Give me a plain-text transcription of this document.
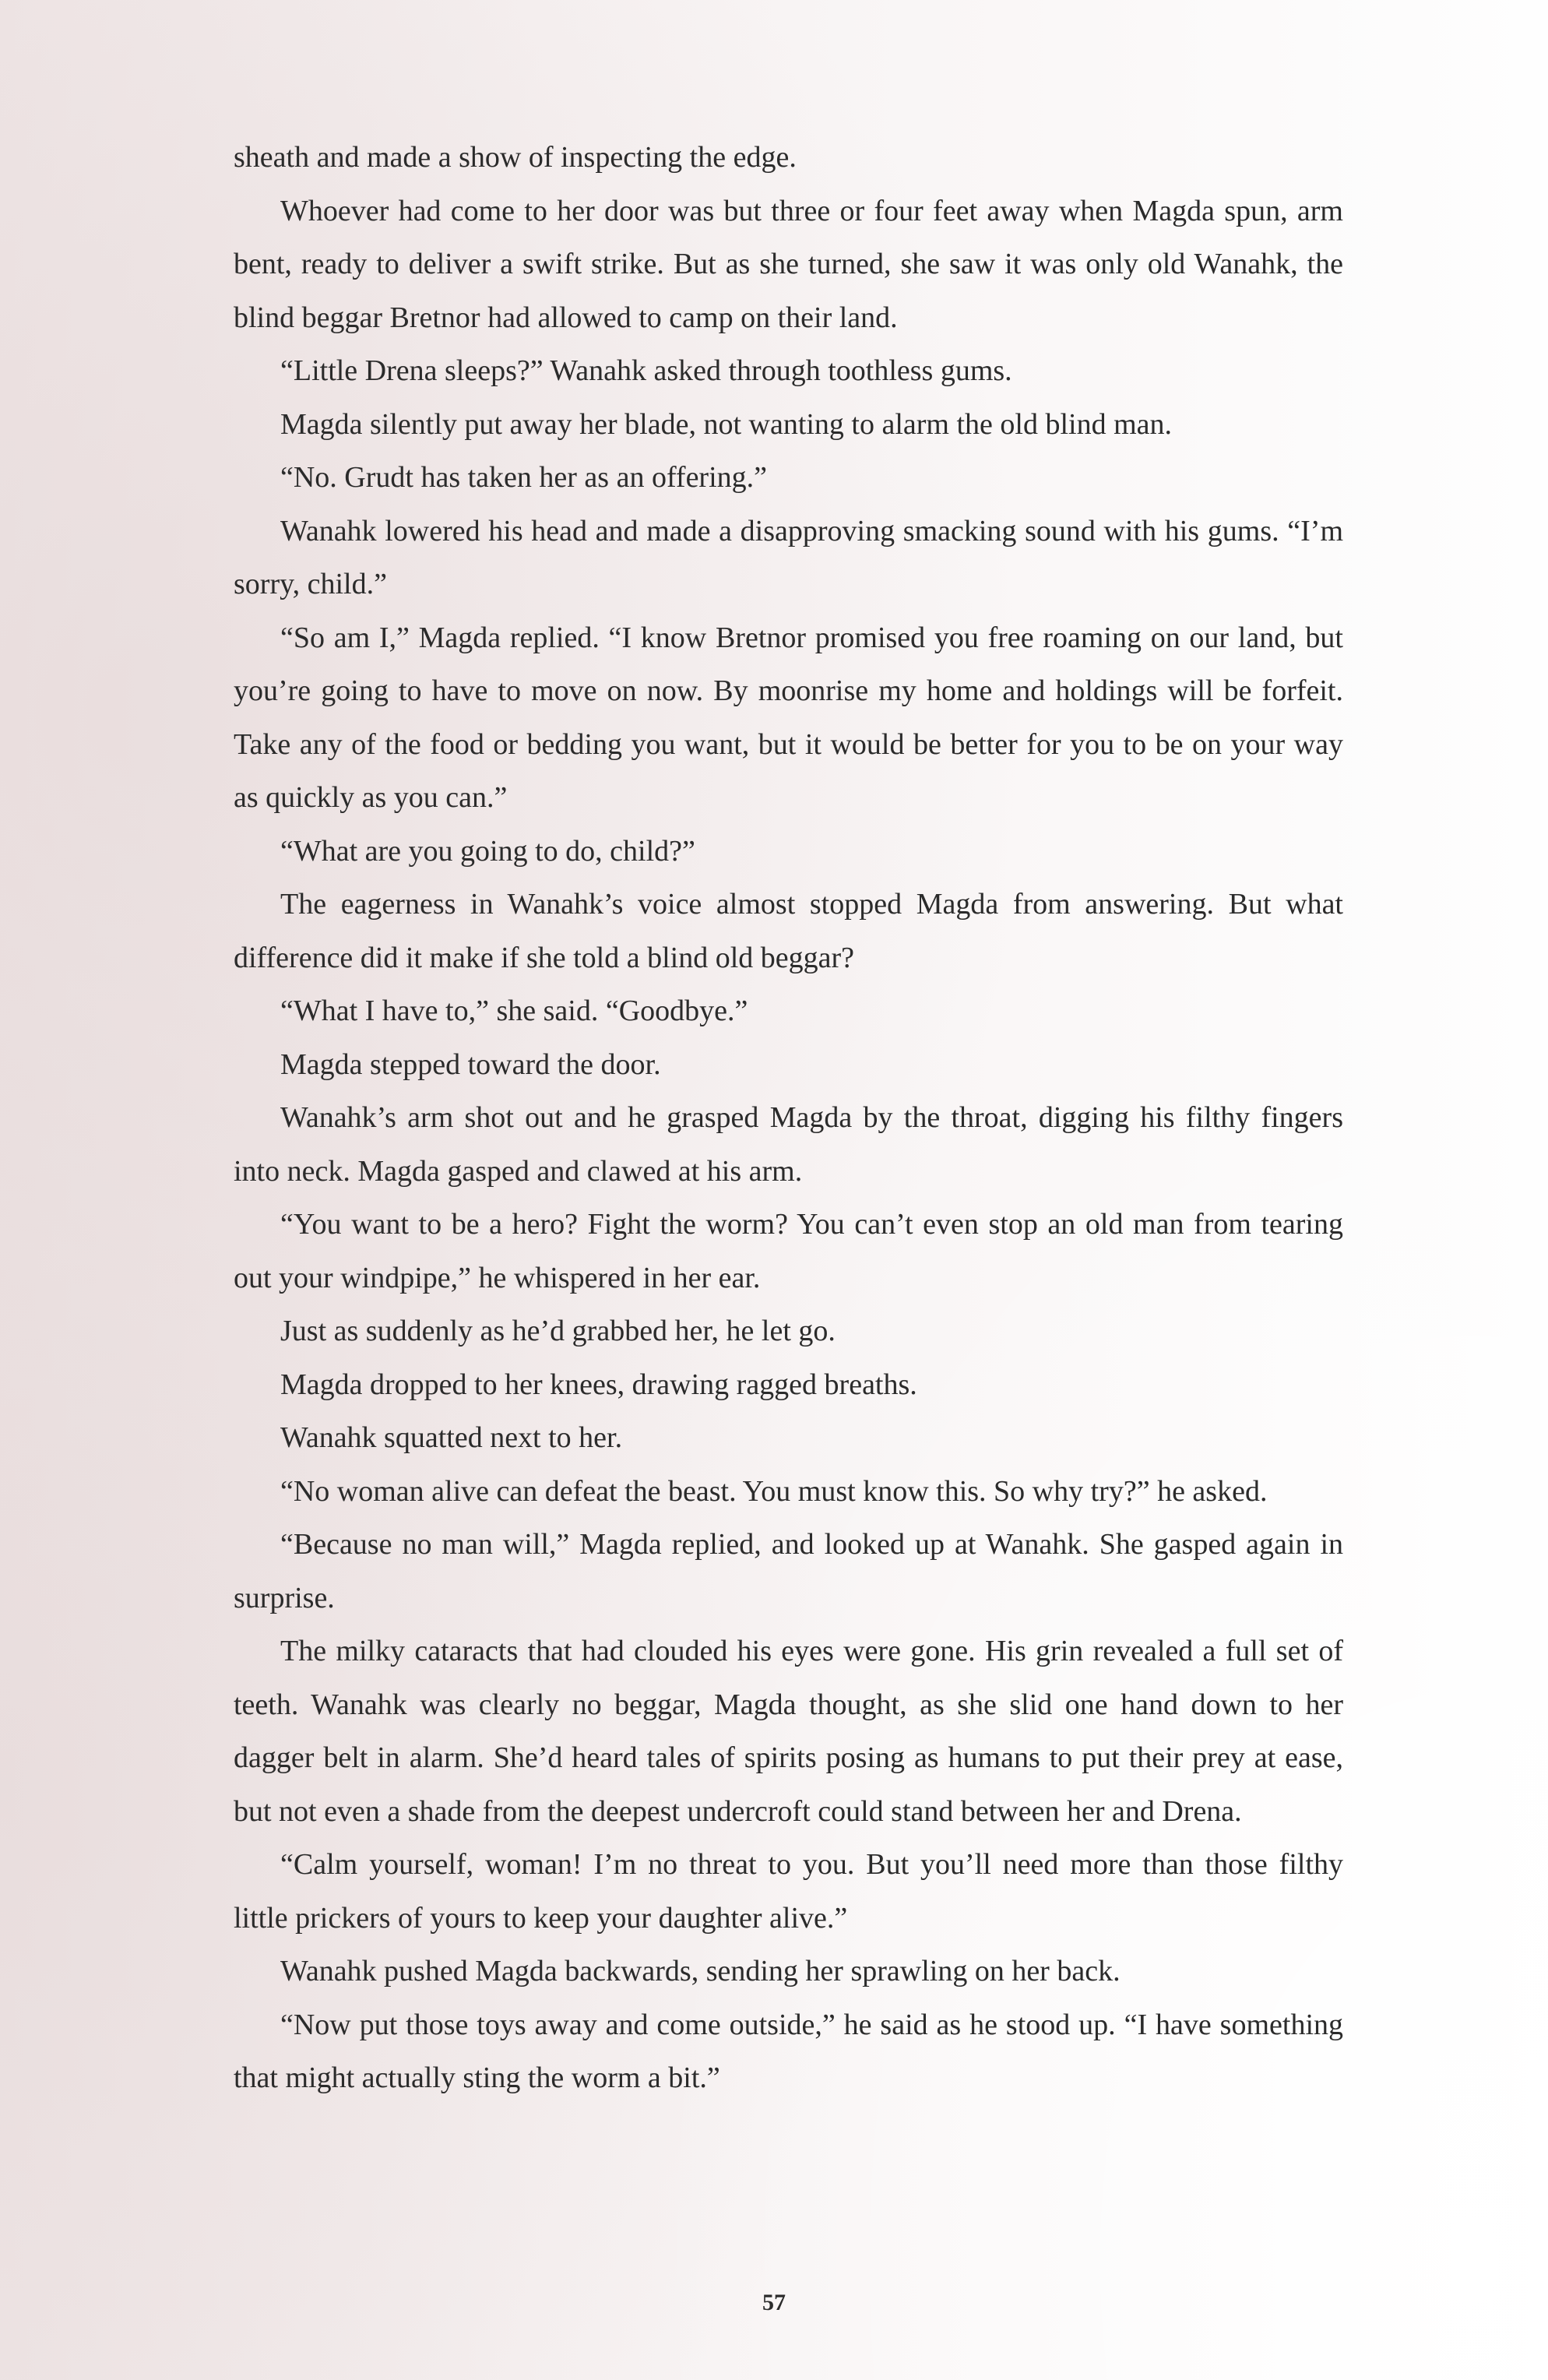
sheath and made a show of inspecting the edge.

Whoever had come to her door was but three or four feet away when Magda spun, arm bent, ready to deliver a swift strike. But as she turned, she saw it was only old Wanahk, the blind beggar Bretnor had allowed to camp on their land.

“Little Drena sleeps?” Wanahk asked through toothless gums.

Magda silently put away her blade, not wanting to alarm the old blind man.

“No. Grudt has taken her as an offering.”

Wanahk lowered his head and made a disapproving smacking sound with his gums. “I’m sorry, child.”

“So am I,” Magda replied. “I know Bretnor promised you free roaming on our land, but you’re going to have to move on now. By moonrise my home and holdings will be forfeit. Take any of the food or bedding you want, but it would be better for you to be on your way as quickly as you can.”

“What are you going to do, child?”

The eagerness in Wanahk’s voice almost stopped Magda from answering. But what difference did it make if she told a blind old beggar?

“What I have to,” she said. “Goodbye.”

Magda stepped toward the door.

Wanahk’s arm shot out and he grasped Magda by the throat, digging his filthy fingers into neck. Magda gasped and clawed at his arm.

“You want to be a hero? Fight the worm? You can’t even stop an old man from tearing out your windpipe,” he whispered in her ear.

Just as suddenly as he’d grabbed her, he let go.

Magda dropped to her knees, drawing ragged breaths.

Wanahk squatted next to her.

“No woman alive can defeat the beast. You must know this. So why try?” he asked.

“Because no man will,” Magda replied, and looked up at Wanahk. She gasped again in surprise.

The milky cataracts that had clouded his eyes were gone. His grin revealed a full set of teeth. Wanahk was clearly no beggar, Magda thought, as she slid one hand down to her dagger belt in alarm. She’d heard tales of spirits posing as humans to put their prey at ease, but not even a shade from the deepest undercroft could stand between her and Drena.

“Calm yourself, woman! I’m no threat to you. But you’ll need more than those filthy little prickers of yours to keep your daughter alive.”

Wanahk pushed Magda backwards, sending her sprawling on her back.

“Now put those toys away and come outside,” he said as he stood up. “I have something that might actually sting the worm a bit.”

57
